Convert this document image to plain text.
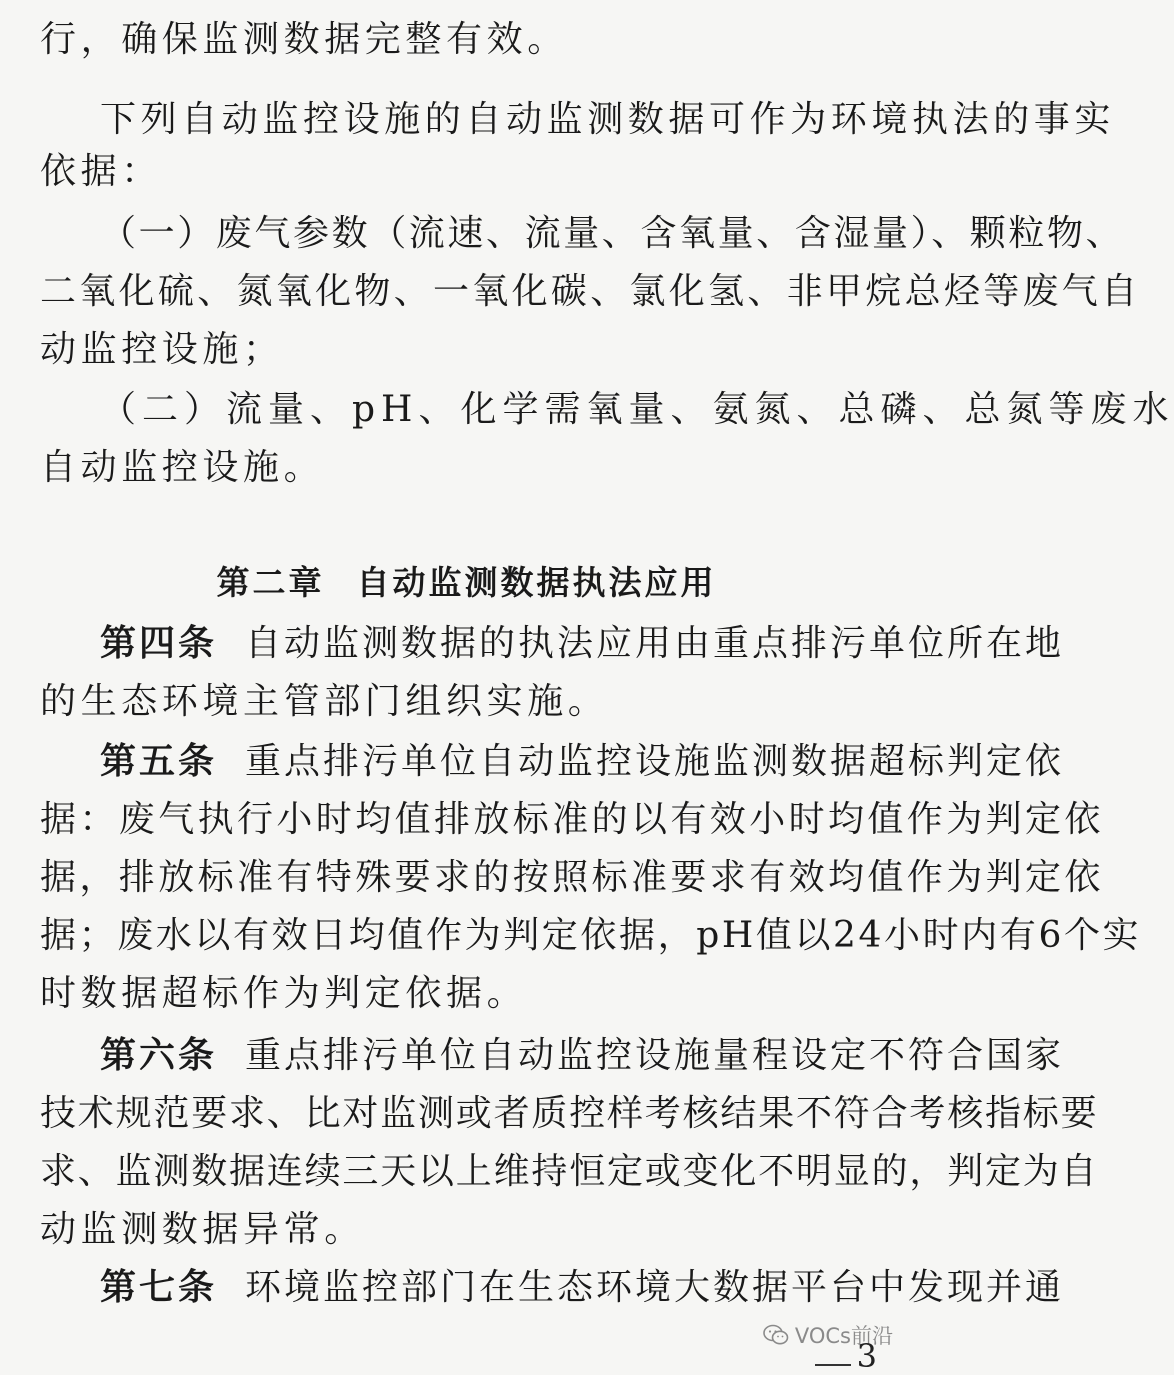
行，确保监测数据完整有效。
下列自动监控设施的自动监测数据可作为环境执法的事实
依据：
（一）废气参数（流速、流量、含氧量、含湿量）、颗粒物、
二氧化硫、氮氧化物、一氧化碳、氯化氢、非甲烷总烃等废气自
动监控设施；
（二）流量、pH、化学需氧量、氨氮、总磷、总氮等废水
自动监控设施。
第二章 自动监测数据执法应用
第四条 自动监测数据的执法应用由重点排污单位所在地
的生态环境主管部门组织实施。
第五条 重点排污单位自动监控设施监测数据超标判定依
据：废气执行小时均值排放标准的以有效小时均值作为判定依
据，排放标准有特殊要求的按照标准要求有效均值作为判定依
据；废水以有效日均值作为判定依据，pH值以24小时内有6个实
时数据超标作为判定依据。
第六条 重点排污单位自动监控设施量程设定不符合国家
技术规范要求、比对监测或者质控样考核结果不符合考核指标要
求、监测数据连续三天以上维持恒定或变化不明显的，判定为自
动监测数据异常。
第七条 环境监控部门在生态环境大数据平台中发现并通
VOCs前沿
3
